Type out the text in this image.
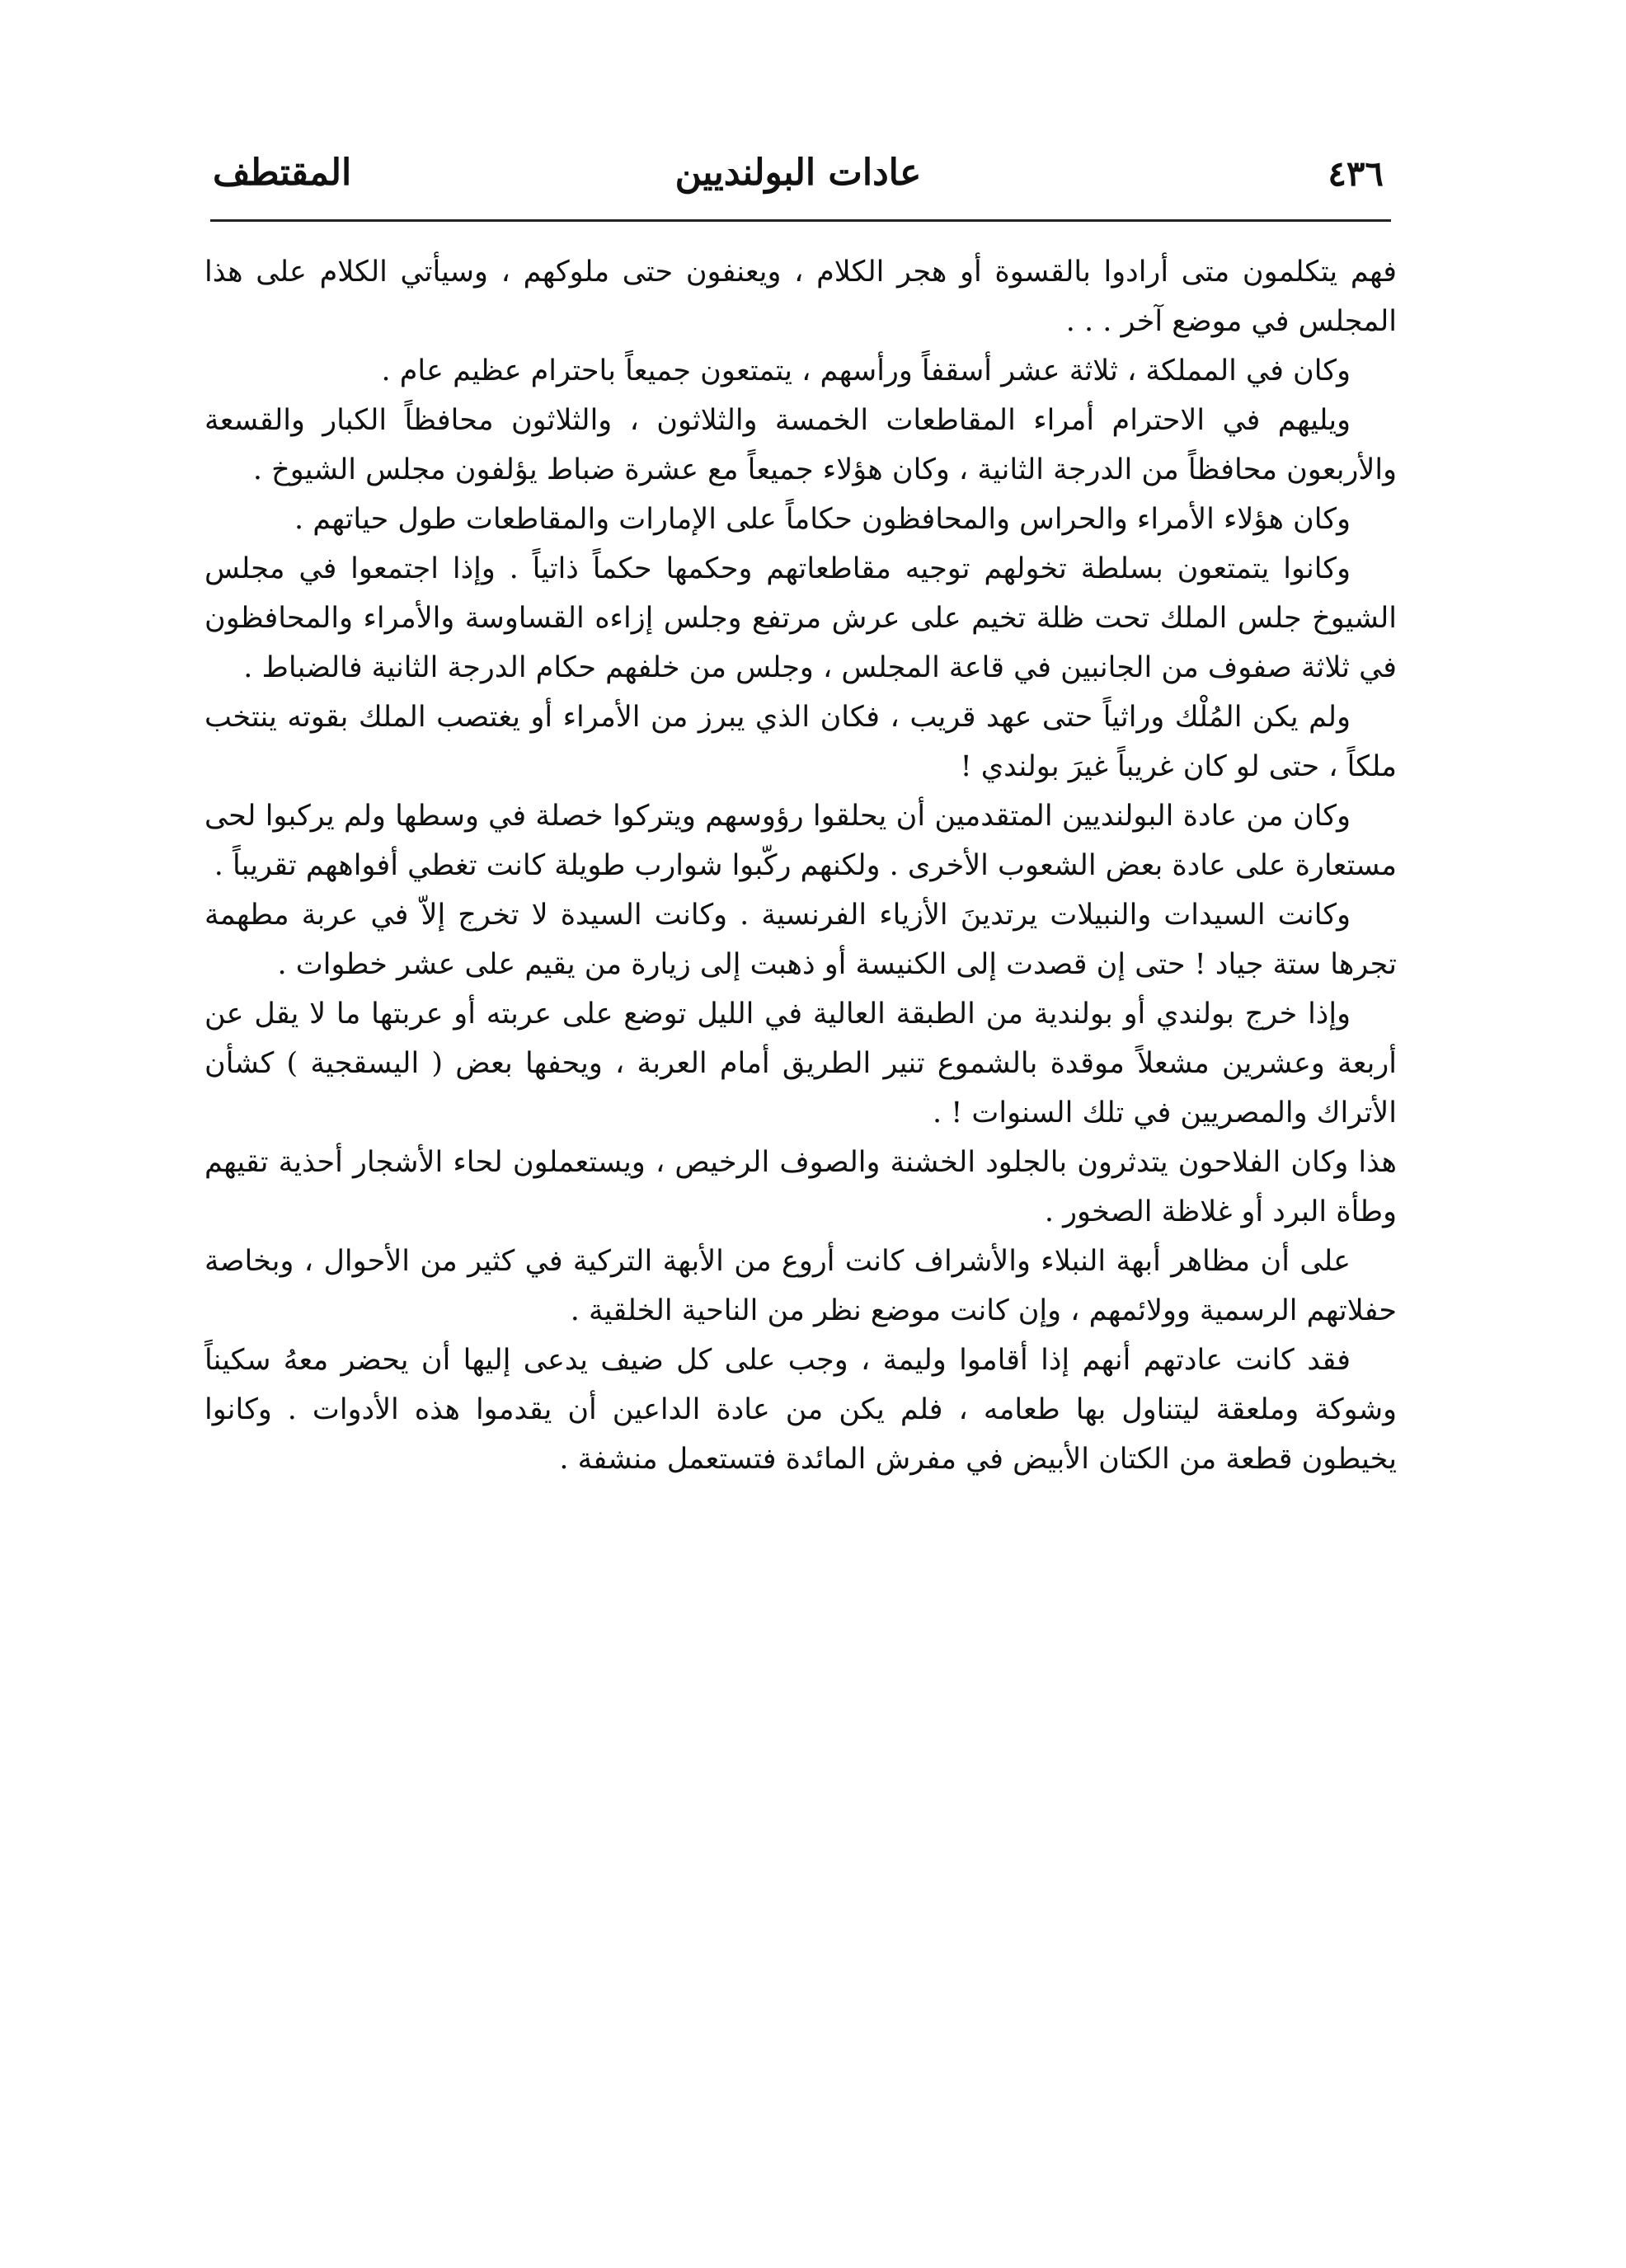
٤٣٦
عادات البولنديين
المقتطف

فهم يتكلمون متى أرادوا بالقسوة أو هجر الكلام ، ويعنفون حتى ملوكهم ، وسيأتي الكلام على هذا المجلس في موضع آخر . . .

وكان في المملكة ، ثلاثة عشر أسقفاً ورأسهم ، يتمتعون جميعاً باحترام عظيم عام .

ويليهم في الاحترام أمراء المقاطعات الخمسة والثلاثون ، والثلاثون محافظاً الكبار والقسعة والأربعون محافظاً من الدرجة الثانية ، وكان هؤلاء جميعاً مع عشرة ضباط يؤلفون مجلس الشيوخ .

وكان هؤلاء الأمراء والحراس والمحافظون حكاماً على الإمارات والمقاطعات طول حياتهم .

وكانوا يتمتعون بسلطة تخولهم توجيه مقاطعاتهم وحكمها حكماً ذاتياً . وإذا اجتمعوا في مجلس الشيوخ جلس الملك تحت ظلة تخيم على عرش مرتفع وجلس إزاءه القساوسة والأمراء والمحافظون في ثلاثة صفوف من الجانبين في قاعة المجلس ، وجلس من خلفهم حكام الدرجة الثانية فالضباط .

ولم يكن المُلْك وراثياً حتى عهد قريب ، فكان الذي يبرز من الأمراء أو يغتصب الملك بقوته ينتخب ملكاً ، حتى لو كان غريباً غيرَ بولندي !

وكان من عادة البولنديين المتقدمين أن يحلقوا رؤوسهم ويتركوا خصلة في وسطها ولم يركبوا لحى مستعارة على عادة بعض الشعوب الأخرى . ولكنهم ركّبوا شوارب طويلة كانت تغطي أفواههم تقريباً .

وكانت السيدات والنبيلات يرتدينَ الأزياء الفرنسية . وكانت السيدة لا تخرج إلاّ في عربة مطهمة تجرها ستة جياد ! حتى إن قصدت إلى الكنيسة أو ذهبت إلى زيارة من يقيم على عشر خطوات .

وإذا خرج بولندي أو بولندية من الطبقة العالية في الليل توضع على عربته أو عربتها ما لا يقل عن أربعة وعشرين مشعلاً موقدة بالشموع تنير الطريق أمام العربة ، ويحفها بعض ( اليسقجية ) كشأن الأتراك والمصريين في تلك السنوات ! .

هذا وكان الفلاحون يتدثرون بالجلود الخشنة والصوف الرخيص ، ويستعملون لحاء الأشجار أحذية تقيهم وطأة البرد أو غلاظة الصخور .

على أن مظاهر أبهة النبلاء والأشراف كانت أروع من الأبهة التركية في كثير من الأحوال ، وبخاصة حفلاتهم الرسمية وولائمهم ، وإن كانت موضع نظر من الناحية الخلقية .

فقد كانت عادتهم أنهم إذا أقاموا وليمة ، وجب على كل ضيف يدعى إليها أن يحضر معهُ سكيناً وشوكة وملعقة ليتناول بها طعامه ، فلم يكن من عادة الداعين أن يقدموا هذه الأدوات . وكانوا يخيطون قطعة من الكتان الأبيض في مفرش المائدة فتستعمل منشفة .
